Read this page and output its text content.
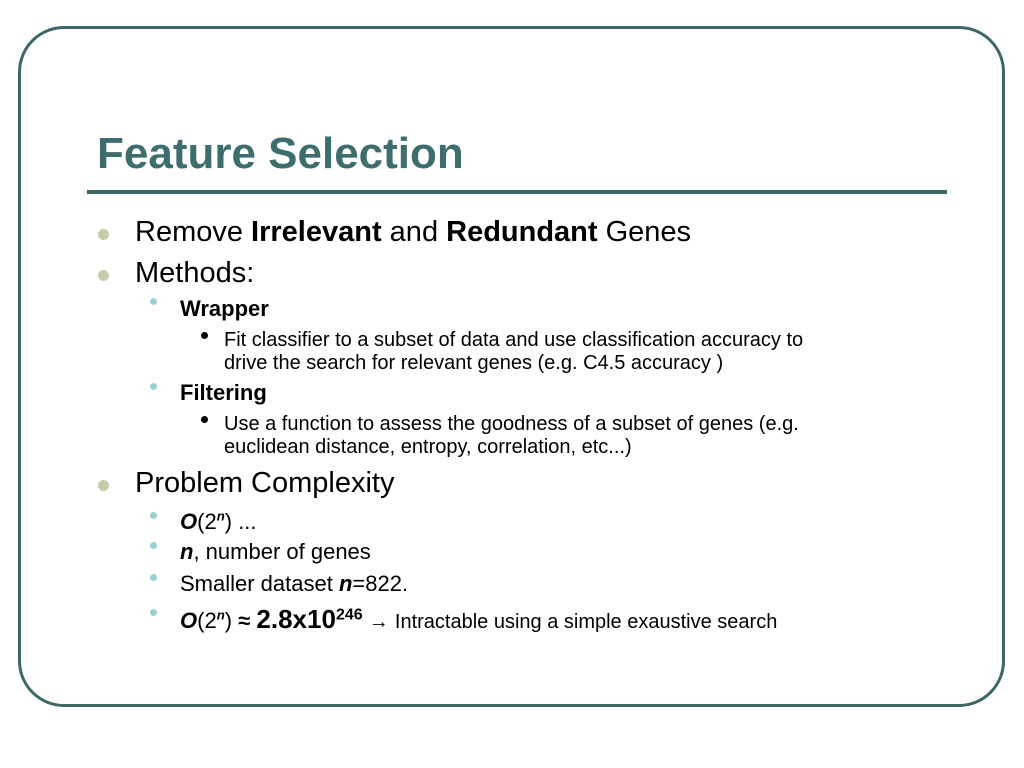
Feature Selection
Remove Irrelevant and Redundant Genes
Methods:
Wrapper
Fit classifier to a subset of data and use classification accuracy to
drive the search for relevant genes (e.g. C4.5 accuracy )
Filtering
Use a function to assess the goodness of a subset of genes (e.g.
euclidean distance, entropy, correlation, etc...)
Problem Complexity
O(2$^n$) ...
n, number of genes
Smaller dataset n=822.
$O(2^n) \approx 2.8x10^{246}$ → Intractable using a simple exaustive search
